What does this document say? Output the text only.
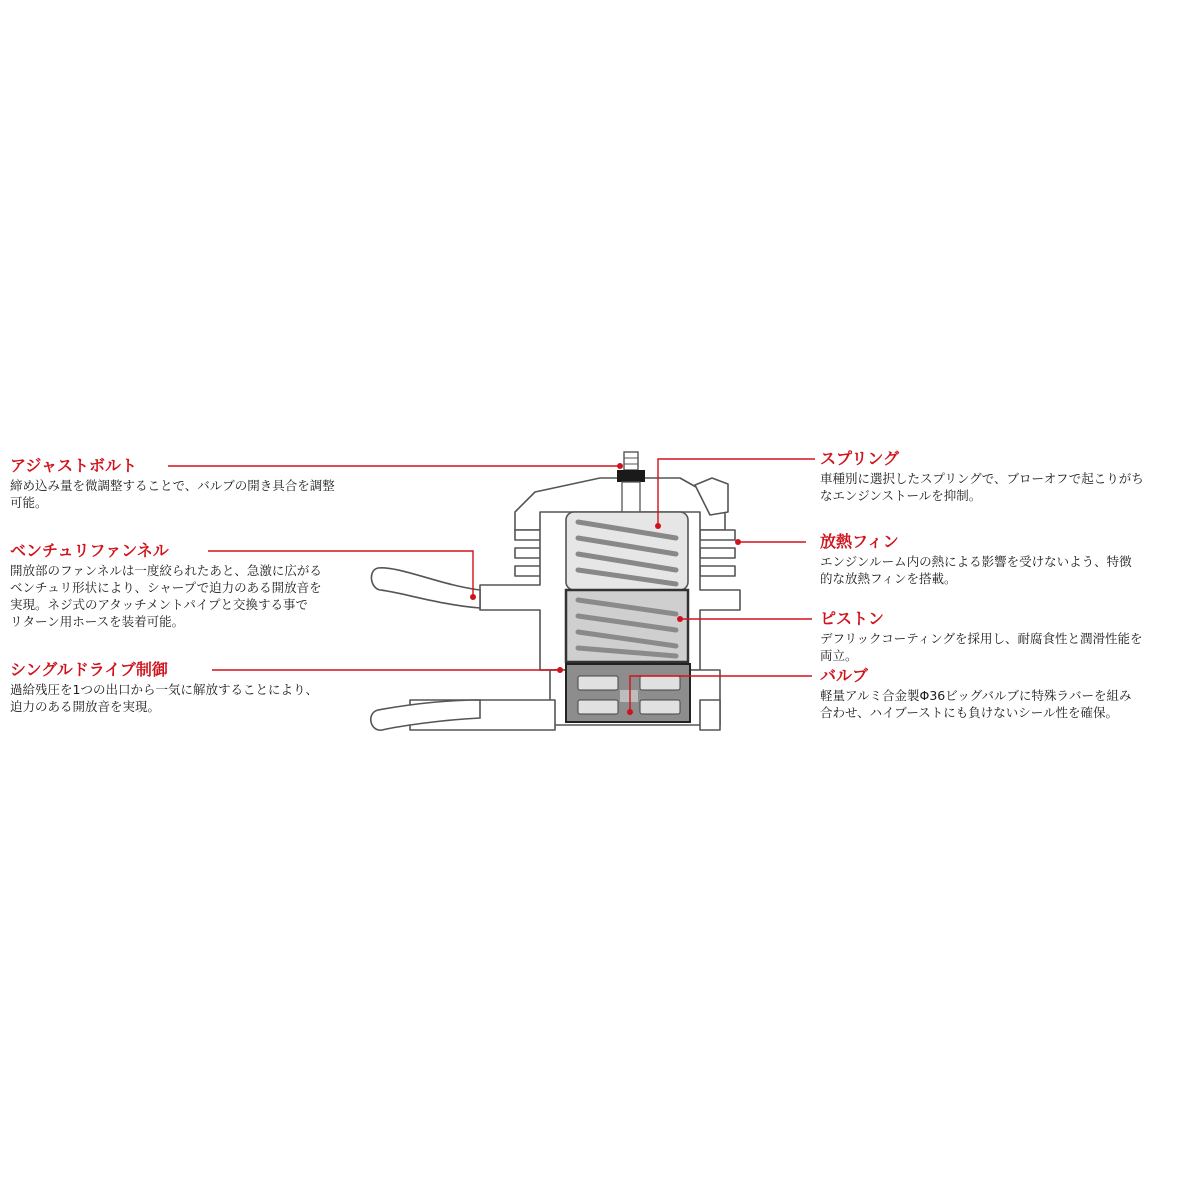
アジャストボルト
締め込み量を微調整することで、バルブの開き具合を調整
可能。
ベンチュリファンネル
開放部のファンネルは一度絞られたあと、急激に広がる
ベンチュリ形状により、シャープで迫力のある開放音を
実現。ネジ式のアタッチメントパイプと交換する事で
リターン用ホースを装着可能。
シングルドライブ制御
過給残圧を1つの出口から一気に解放することにより、
迫力のある開放音を実現。
スプリング
車種別に選択したスプリングで、ブローオフで起こりがち
なエンジンストールを抑制。
放熱フィン
エンジンルーム内の熱による影響を受けないよう、特徴
的な放熱フィンを搭載。
ピストン
デフリックコーティングを採用し、耐腐食性と潤滑性能を
両立。
バルブ
軽量アルミ合金製Φ36ビッグバルブに特殊ラバーを組み
合わせ、ハイブーストにも負けないシール性を確保。
